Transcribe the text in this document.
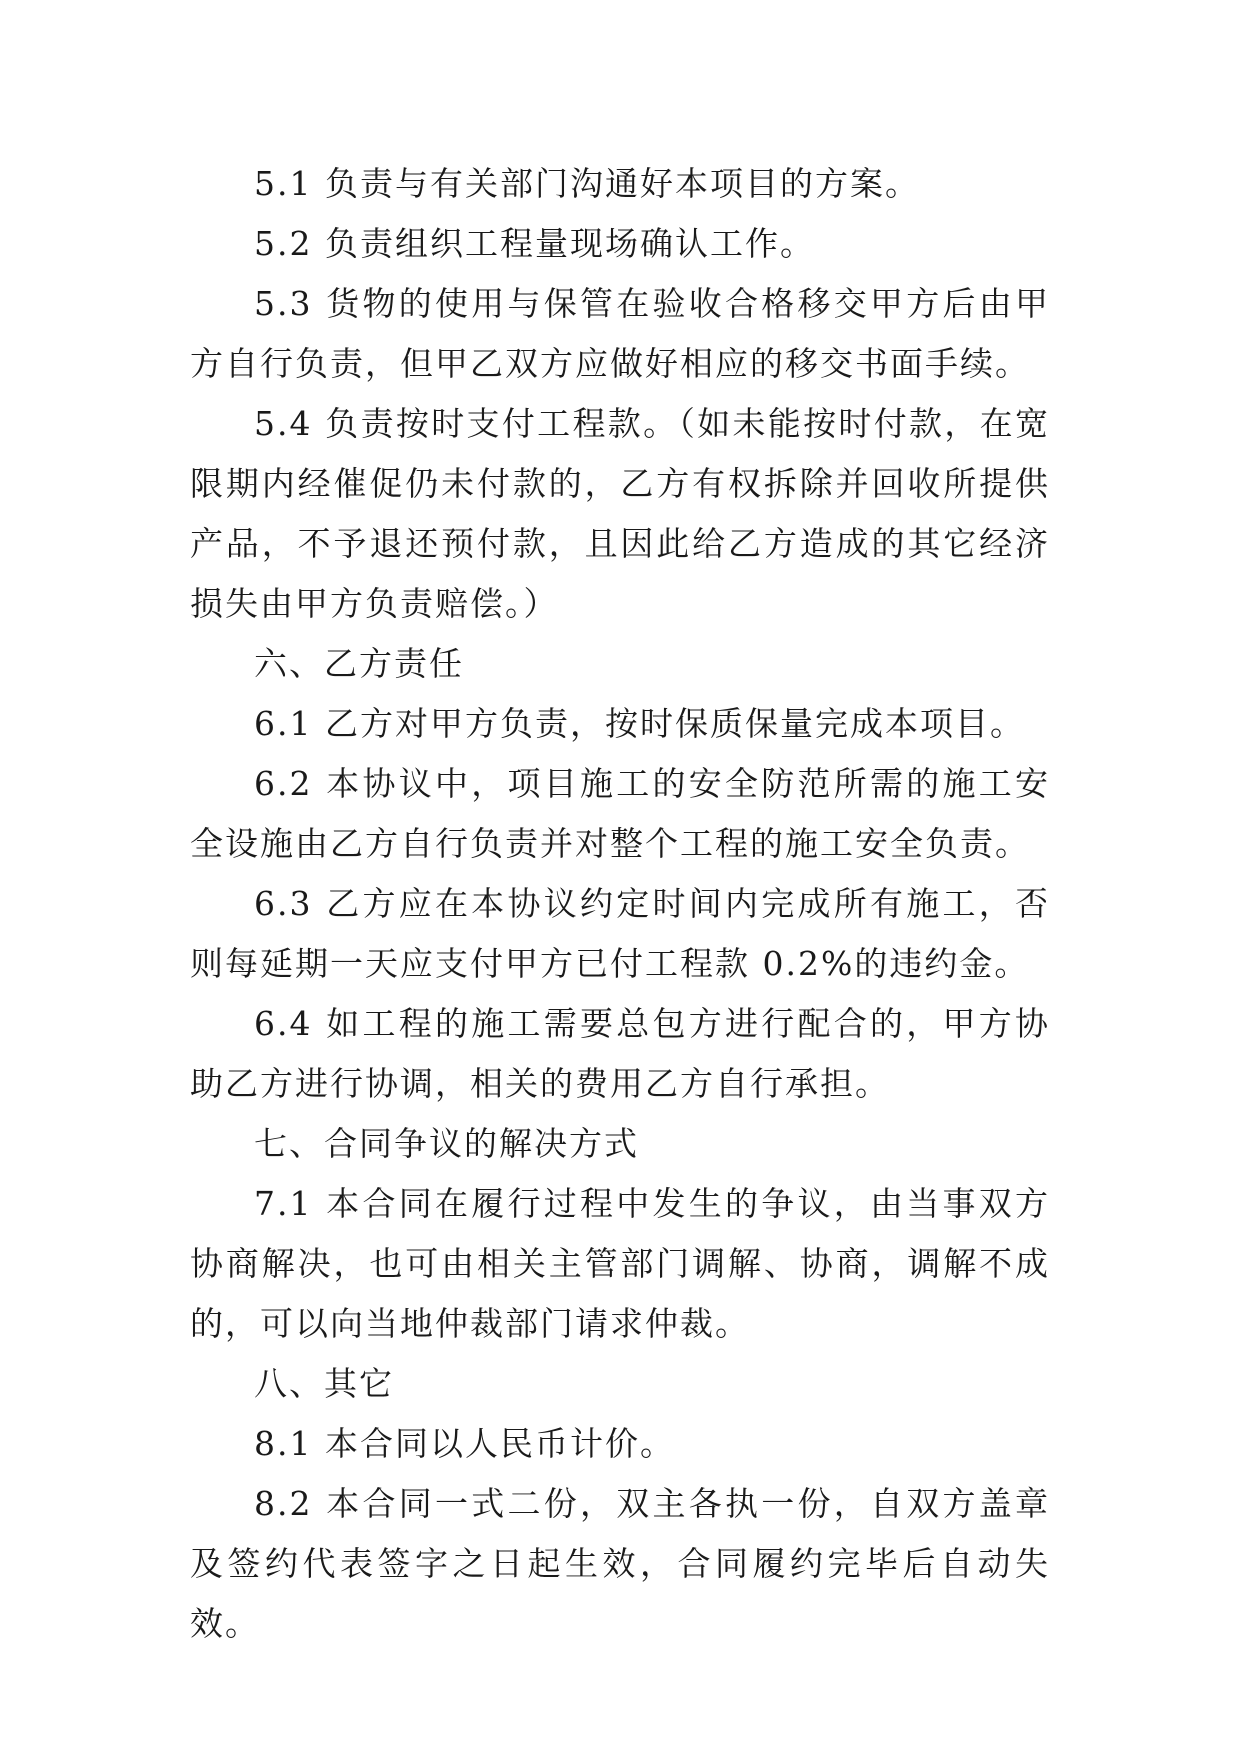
5.1 负责与有关部门沟通好本项目的方案。

5.2 负责组织工程量现场确认工作。

5.3 货物的使用与保管在验收合格移交甲方后由甲方自行负责，但甲乙双方应做好相应的移交书面手续。

5.4 负责按时支付工程款。（如未能按时付款，在宽限期内经催促仍未付款的，乙方有权拆除并回收所提供产品，不予退还预付款，且因此给乙方造成的其它经济损失由甲方负责赔偿。）

六、乙方责任

6.1 乙方对甲方负责，按时保质保量完成本项目。

6.2 本协议中，项目施工的安全防范所需的施工安全设施由乙方自行负责并对整个工程的施工安全负责。

6.3 乙方应在本协议约定时间内完成所有施工，否则每延期一天应支付甲方已付工程款 0.2%的违约金。

6.4 如工程的施工需要总包方进行配合的，甲方协助乙方进行协调，相关的费用乙方自行承担。

七、合同争议的解决方式

7.1 本合同在履行过程中发生的争议，由当事双方协商解决，也可由相关主管部门调解、协商，调解不成的，可以向当地仲裁部门请求仲裁。

八、其它

8.1 本合同以人民币计价。

8.2 本合同一式二份，双主各执一份，自双方盖章及签约代表签字之日起生效，合同履约完毕后自动失效。
